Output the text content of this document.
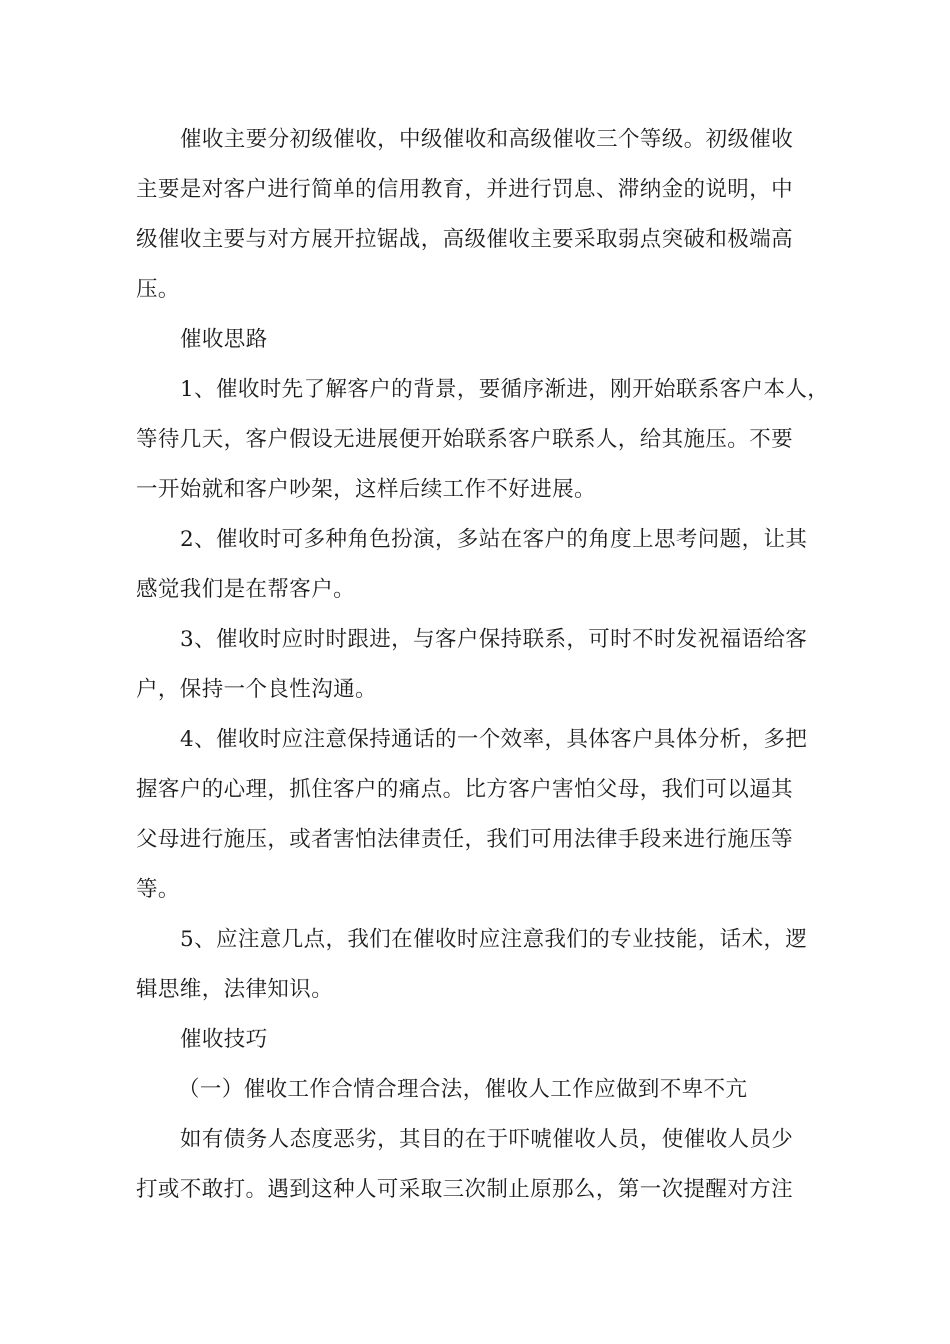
催收主要分初级催收，中级催收和高级催收三个等级。初级催收

主要是对客户进行简单的信用教育，并进行罚息、滞纳金的说明，中

级催收主要与对方展开拉锯战，高级催收主要采取弱点突破和极端高

压。

催收思路

1、催收时先了解客户的背景，要循序渐进，刚开始联系客户本人，

等待几天，客户假设无进展便开始联系客户联系人，给其施压。不要

一开始就和客户吵架，这样后续工作不好进展。

2、催收时可多种角色扮演，多站在客户的角度上思考问题，让其

感觉我们是在帮客户。

3、催收时应时时跟进，与客户保持联系，可时不时发祝福语给客

户，保持一个良性沟通。

4、催收时应注意保持通话的一个效率，具体客户具体分析，多把

握客户的心理，抓住客户的痛点。比方客户害怕父母，我们可以逼其

父母进行施压，或者害怕法律责任，我们可用法律手段来进行施压等

等。

5、应注意几点，我们在催收时应注意我们的专业技能，话术，逻

辑思维，法律知识。

催收技巧

（一）催收工作合情合理合法，催收人工作应做到不卑不亢

如有债务人态度恶劣，其目的在于吓唬催收人员，使催收人员少

打或不敢打。遇到这种人可采取三次制止原那么，第一次提醒对方注
